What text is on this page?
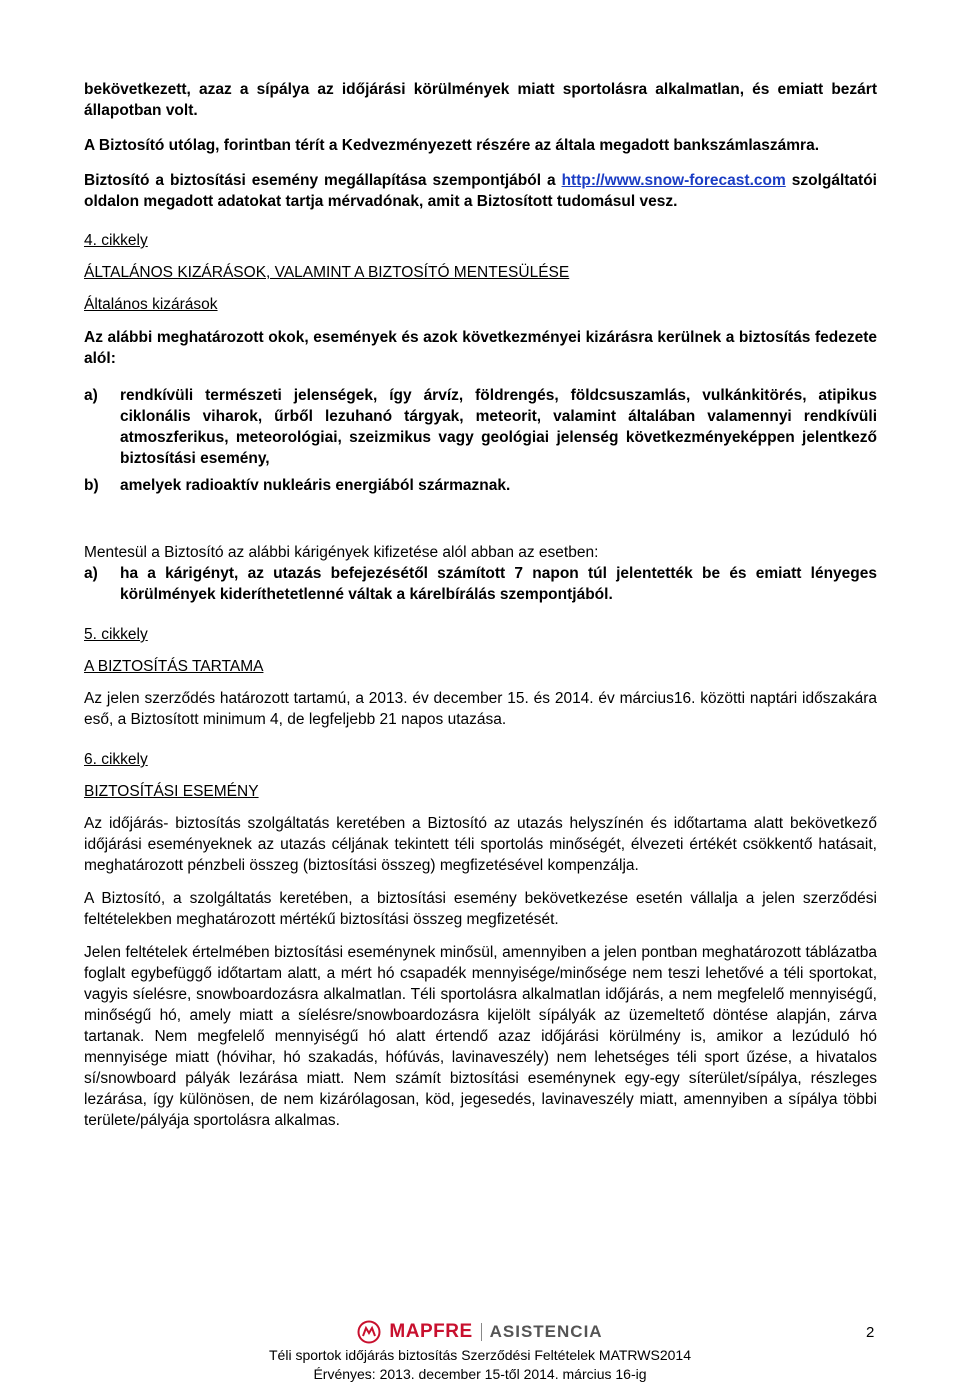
bekövetkezett, azaz a sípálya az időjárási körülmények miatt sportolásra alkalmatlan, és emiatt bezárt állapotban volt.

A Biztosító utólag, forintban térít a Kedvezményezett részére az általa megadott bankszámlaszámra.

Biztosító a biztosítási esemény megállapítása szempontjából a http://www.snow-forecast.com szolgáltatói oldalon megadott adatokat tartja mérvadónak, amit a Biztosított tudomásul vesz.

4. cikkely

ÁLTALÁNOS KIZÁRÁSOK, VALAMINT A BIZTOSÍTÓ MENTESÜLÉSE

Általános kizárások

Az alábbi meghatározott okok, események és azok következményei kizárásra kerülnek a biztosítás fedezete alól:

a)	rendkívüli természeti jelenségek, így árvíz, földrengés, földcsuszamlás, vulkánkitörés, atipikus ciklonális viharok, űrből lezuhanó tárgyak, meteorit, valamint általában valamennyi rendkívüli atmoszferikus, meteorológiai, szeizmikus vagy geológiai jelenség következményeképpen jelentkező biztosítási esemény,

b)	amelyek radioaktív nukleáris energiából származnak.

Mentesül a Biztosító az alábbi kárigények kifizetése alól abban az esetben:

a)	ha a kárigényt, az utazás befejezésétől számított 7 napon túl jelentették be és emiatt lényeges körülmények kideríthetetlenné váltak a kárelbírálás szempontjából.

5. cikkely

A BIZTOSÍTÁS TARTAMA

Az jelen szerződés határozott tartamú, a 2013. év december 15. és 2014. év március16. közötti naptári időszakára eső, a Biztosított minimum 4, de legfeljebb 21 napos utazása.

6. cikkely

BIZTOSÍTÁSI ESEMÉNY

Az időjárás- biztosítás szolgáltatás keretében a Biztosító az utazás helyszínén és időtartama alatt bekövetkező időjárási eseményeknek az utazás céljának tekintett téli sportolás minőségét, élvezeti értékét csökkentő hatásait, meghatározott pénzbeli összeg (biztosítási összeg) megfizetésével kompenzálja.

A Biztosító, a szolgáltatás keretében, a biztosítási esemény bekövetkezése esetén vállalja a jelen szerződési feltételekben meghatározott mértékű biztosítási összeg megfizetését.

Jelen feltételek értelmében biztosítási eseménynek minősül, amennyiben a jelen pontban meghatározott táblázatba foglalt egybefüggő időtartam alatt, a mért hó csapadék mennyisége/minősége nem teszi lehetővé a téli sportokat, vagyis síelésre, snowboardozásra alkalmatlan. Téli sportolásra alkalmatlan időjárás, a nem megfelelő mennyiségű, minőségű hó, amely miatt a síelésre/snowboardozásra kijelölt sípályák az üzemeltető döntése alapján, zárva tartanak. Nem megfelelő mennyiségű hó alatt értendő azaz időjárási körülmény is, amikor a lezúduló hó mennyisége miatt (hóvihar, hó szakadás, hófúvás, lavinaveszély) nem lehetséges téli sport űzése, a hivatalos sí/snowboard pályák lezárása miatt. Nem számít biztosítási eseménynek egy-egy síterület/sípálya, részleges lezárása, így különösen, de nem kizárólagosan, köd, jegesedés, lavinaveszély miatt, amennyiben a sípálya többi területe/pályája sportolásra alkalmas.

MAPFRE ASISTENCIA
Téli sportok időjárás biztosítás Szerződési Feltételek MATRWS2014
Érvényes: 2013. december 15-től 2014. március 16-ig
2
